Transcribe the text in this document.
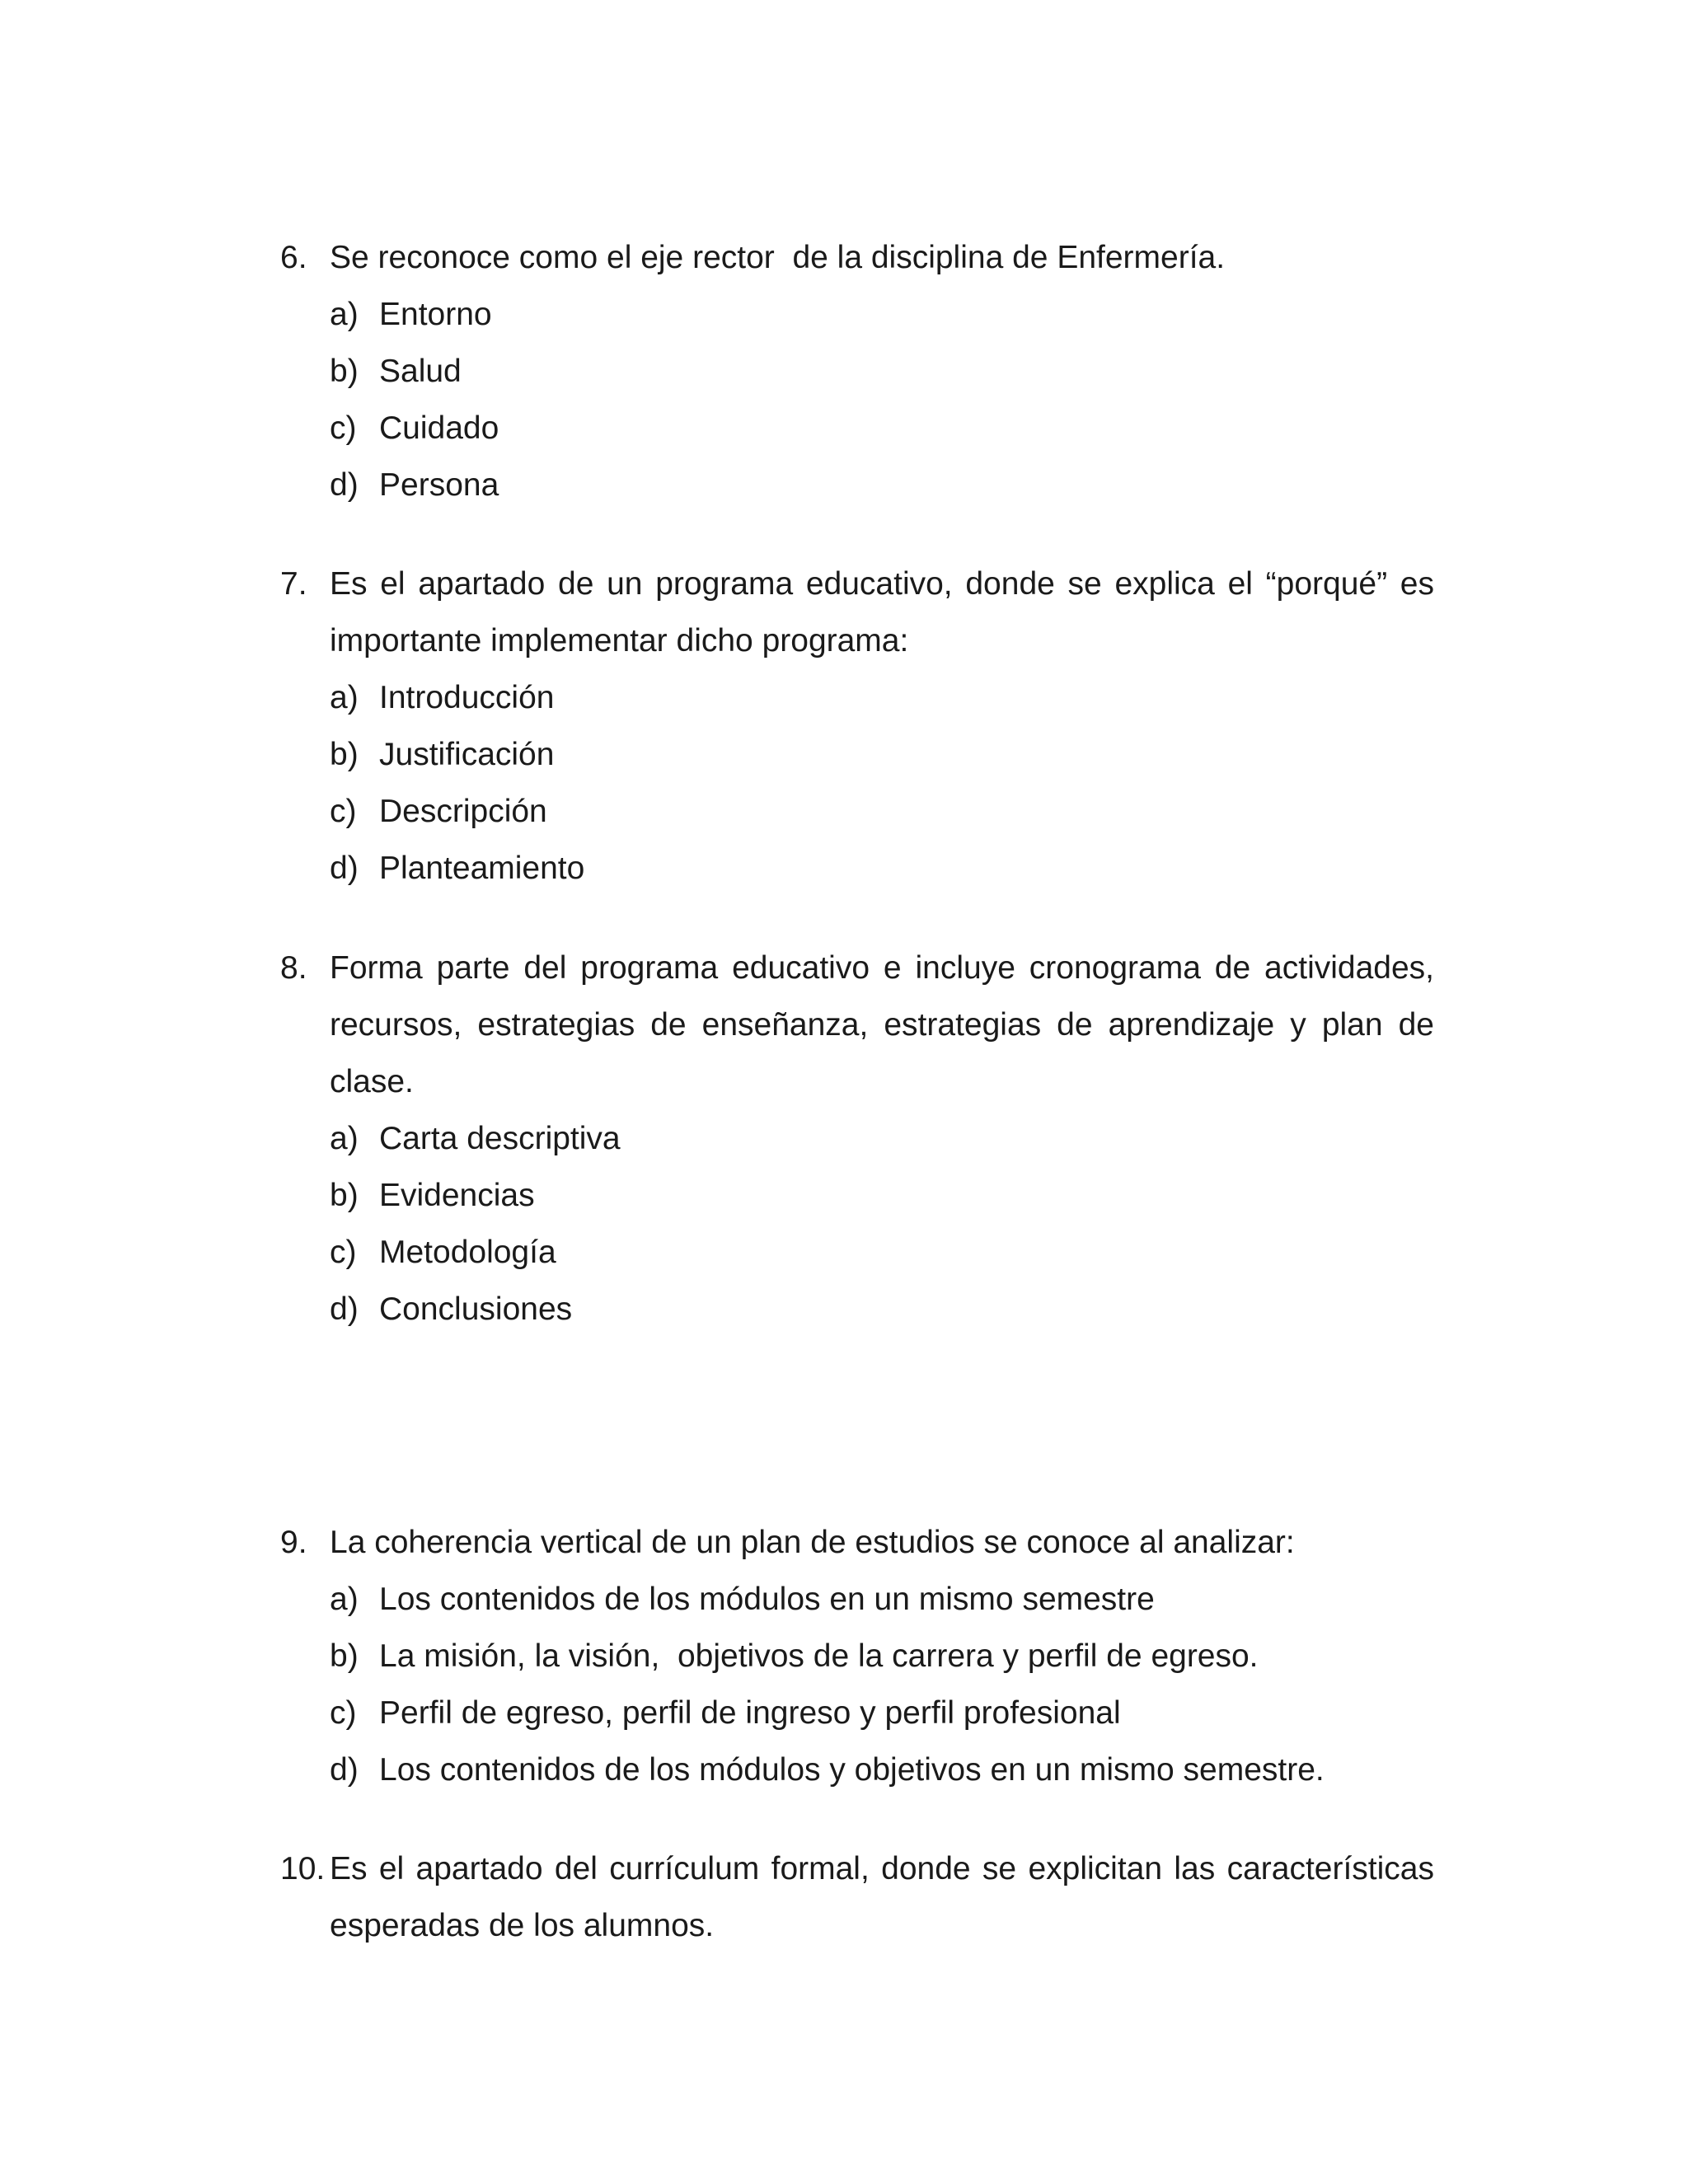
6. Se reconoce como el eje rector  de la disciplina de Enfermería.
a) Entorno
b) Salud
c) Cuidado
d) Persona
7. Es el apartado de un programa educativo, donde se explica el “porqué” es importante implementar dicho programa:
a) Introducción
b) Justificación
c) Descripción
d) Planteamiento
8. Forma parte del programa educativo e incluye cronograma de actividades, recursos, estrategias de enseñanza, estrategias de aprendizaje y plan de clase.
a) Carta descriptiva
b) Evidencias
c) Metodología
d) Conclusiones
9. La coherencia vertical de un plan de estudios se conoce al analizar:
a) Los contenidos de los módulos en un mismo semestre
b) La misión, la visión,  objetivos de la carrera y perfil de egreso.
c) Perfil de egreso, perfil de ingreso y perfil profesional
d) Los contenidos de los módulos y objetivos en un mismo semestre.
10. Es el apartado del currículum formal, donde se explicitan las características esperadas de los alumnos.
